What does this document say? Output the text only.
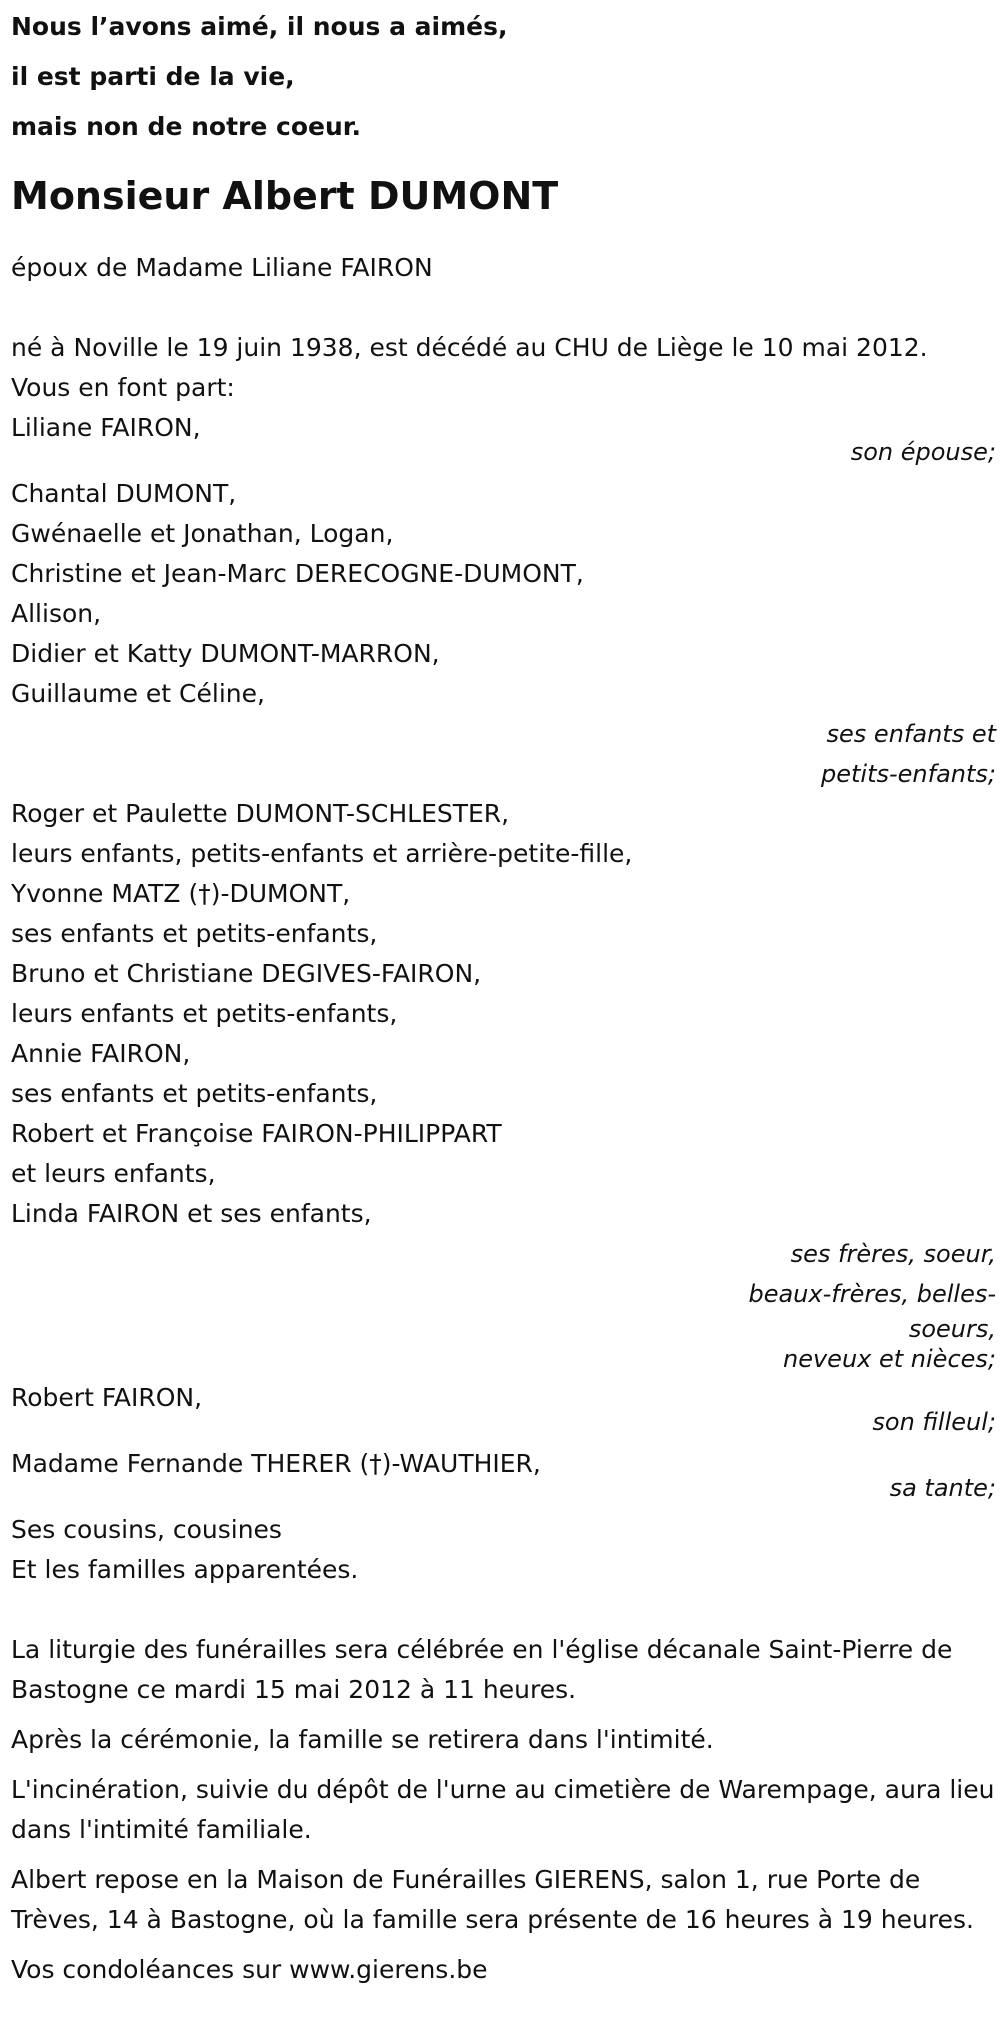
Nous l’avons aimé, il nous a aimés,

il est parti de la vie,

mais non de notre coeur.

Monsieur Albert DUMONT

époux de Madame Liliane FAIRON

né à Noville le 19 juin 1938, est décédé au CHU de Liège le 10 mai 2012.

Vous en font part:

Liliane FAIRON,

son épouse;

Chantal DUMONT,

Gwénaelle et Jonathan, Logan,

Christine et Jean-Marc DERECOGNE-DUMONT,

Allison,

Didier et Katty DUMONT-MARRON,

Guillaume et Céline,

ses enfants et

petits-enfants;

Roger et Paulette DUMONT-SCHLESTER,

leurs enfants, petits-enfants et arrière-petite-fille,

Yvonne MATZ (†)-DUMONT,

ses enfants et petits-enfants,

Bruno et Christiane DEGIVES-FAIRON,

leurs enfants et petits-enfants,

Annie FAIRON,

ses enfants et petits-enfants,

Robert et Françoise FAIRON-PHILIPPART

et leurs enfants,

Linda FAIRON et ses enfants,

ses frères, soeur,

beaux-frères, belles-

soeurs,

neveux et nièces;

Robert FAIRON,

son filleul;

Madame Fernande THERER (†)-WAUTHIER,

sa tante;

Ses cousins, cousines

Et les familles apparentées.

La liturgie des funérailles sera célébrée en l'église décanale Saint-Pierre de Bastogne ce mardi 15 mai 2012 à 11 heures.

Après la cérémonie, la famille se retirera dans l'intimité.

L'incinération, suivie du dépôt de l'urne au cimetière de Warempage, aura lieu dans l'intimité familiale.

Albert repose en la Maison de Funérailles GIERENS, salon 1, rue Porte de Trèves, 14 à Bastogne, où la famille sera présente de 16 heures à 19 heures.

Vos condoléances sur www.gierens.be
